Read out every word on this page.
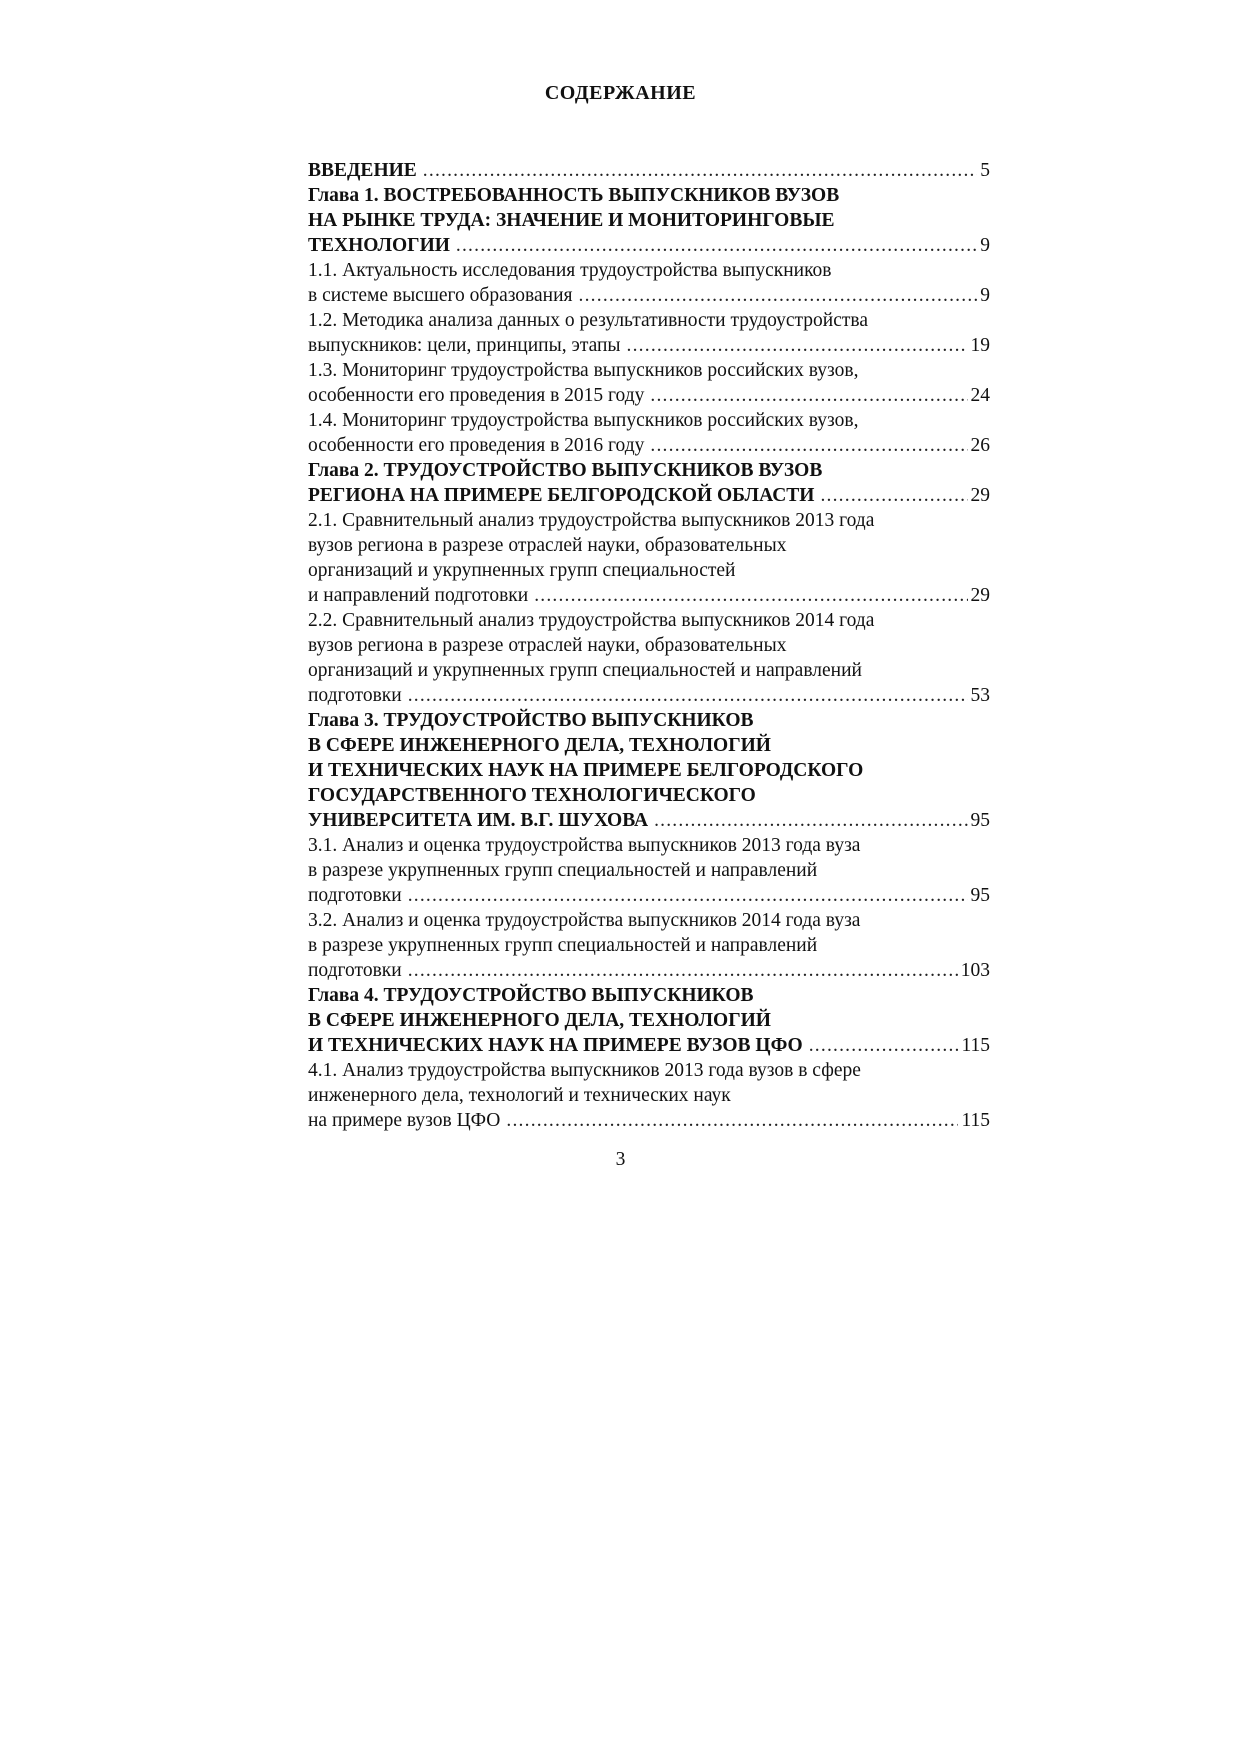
СОДЕРЖАНИЕ
ВВЕДЕНИЕ .....	5
Глава 1. ВОСТРЕБОВАННОСТЬ ВЫПУСКНИКОВ ВУЗОВ
НА РЫНКЕ ТРУДА: ЗНАЧЕНИЕ И МОНИТОРИНГОВЫЕ
ТЕХНОЛОГИИ .....	9
1.1. Актуальность исследования трудоустройства выпускников
в системе высшего образования .....	9
1.2. Методика анализа данных о результативности трудоустройства
выпускников: цели, принципы, этапы .....	19
1.3. Мониторинг трудоустройства выпускников российских вузов,
особенности его проведения в 2015 году .....	24
1.4. Мониторинг трудоустройства выпускников российских вузов,
особенности его проведения в 2016 году .....	26
Глава 2. ТРУДОУСТРОЙСТВО ВЫПУСКНИКОВ ВУЗОВ
РЕГИОНА НА ПРИМЕРЕ БЕЛГОРОДСКОЙ ОБЛАСТИ .....	29
2.1. Сравнительный анализ трудоустройства выпускников 2013 года
вузов региона в разрезе отраслей науки, образовательных
организаций и укрупненных групп специальностей
и направлений подготовки .....	29
2.2. Сравнительный анализ трудоустройства выпускников 2014 года
вузов региона в разрезе отраслей науки, образовательных
организаций и укрупненных групп специальностей и направлений
подготовки .....	53
Глава 3. ТРУДОУСТРОЙСТВО ВЫПУСКНИКОВ
В СФЕРЕ ИНЖЕНЕРНОГО ДЕЛА, ТЕХНОЛОГИЙ
И ТЕХНИЧЕСКИХ НАУК НА ПРИМЕРЕ БЕЛГОРОДСКОГО
ГОСУДАРСТВЕННОГО ТЕХНОЛОГИЧЕСКОГО
УНИВЕРСИТЕТА ИМ. В.Г. ШУХОВА .....	95
3.1. Анализ и оценка трудоустройства выпускников 2013 года вуза
в разрезе укрупненных групп специальностей и направлений
подготовки .....	95
3.2. Анализ и оценка трудоустройства выпускников 2014 года вуза
в разрезе укрупненных групп специальностей и направлений
подготовки .....	103
Глава 4. ТРУДОУСТРОЙСТВО ВЫПУСКНИКОВ
В СФЕРЕ ИНЖЕНЕРНОГО ДЕЛА, ТЕХНОЛОГИЙ
И ТЕХНИЧЕСКИХ НАУК НА ПРИМЕРЕ ВУЗОВ ЦФО .....	115
4.1. Анализ трудоустройства выпускников 2013 года вузов в сфере
инженерного дела, технологий и технических наук
на примере вузов ЦФО .....	115
3
